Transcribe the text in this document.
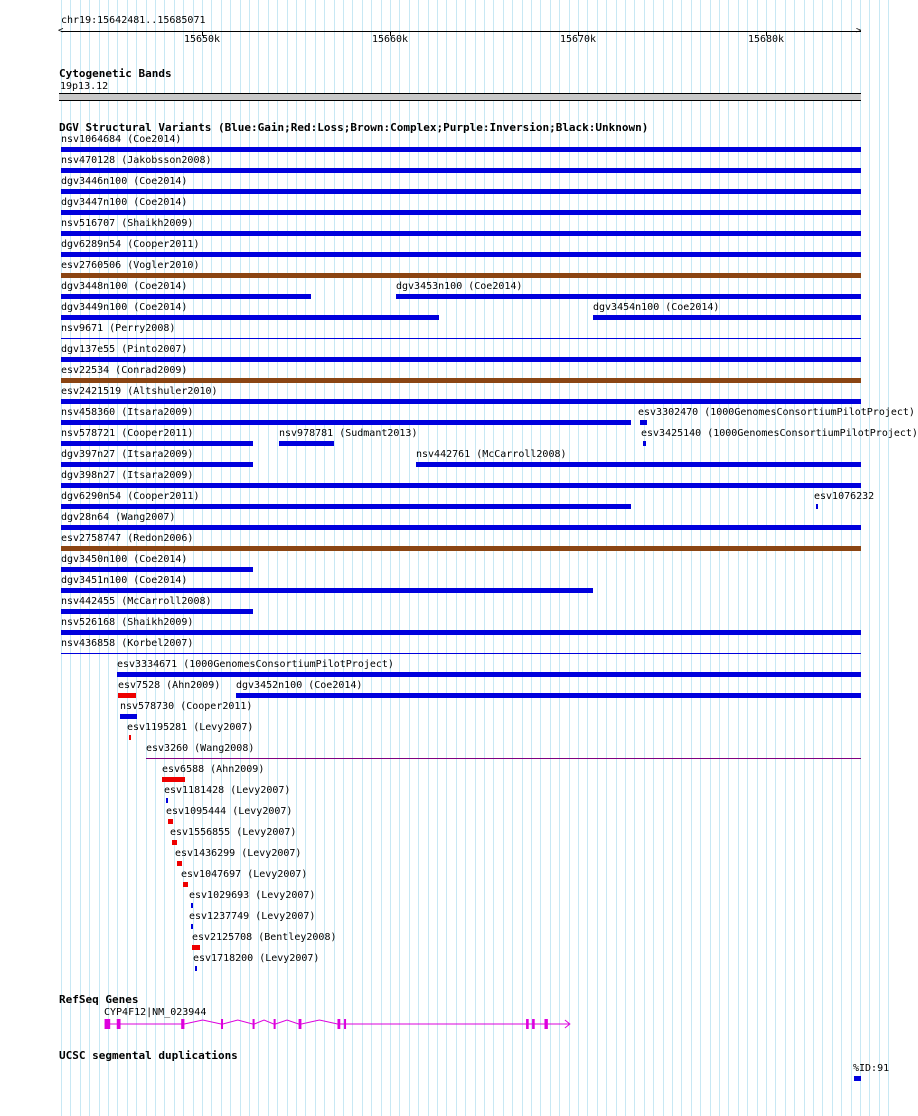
chr19:15642481..15685071
<	>
15650k	15660k	15670k	15680k
Cytogenetic Bands
19p13.12
DGV Structural Variants (Blue:Gain;Red:Loss;Brown:Complex;Purple:Inversion;Black:Unknown)
nsv1064684 (Coe2014)
nsv470128 (Jakobsson2008)
dgv3446n100 (Coe2014)
dgv3447n100 (Coe2014)
nsv516707 (Shaikh2009)
dgv6289n54 (Cooper2011)
esv2760506 (Vogler2010)
dgv3448n100 (Coe2014)	dgv3453n100 (Coe2014)
dgv3449n100 (Coe2014)	dgv3454n100 (Coe2014)
nsv9671 (Perry2008)
dgv137e55 (Pinto2007)
esv22534 (Conrad2009)
esv2421519 (Altshuler2010)
nsv458360 (Itsara2009)	esv3302470 (1000GenomesConsortiumPilotProject)
nsv578721 (Cooper2011)	nsv978781 (Sudmant2013)	esv3425140 (1000GenomesConsortiumPilotProject)
dgv397n27 (Itsara2009)	nsv442761 (McCarroll2008)
dgv398n27 (Itsara2009)
dgv6290n54 (Cooper2011)	esv1076232
dgv28n64 (Wang2007)
esv2758747 (Redon2006)
dgv3450n100 (Coe2014)
dgv3451n100 (Coe2014)
nsv442455 (McCarroll2008)
nsv526168 (Shaikh2009)
nsv436858 (Korbel2007)
esv3334671 (1000GenomesConsortiumPilotProject)
esv7528 (Ahn2009) dgv3452n100 (Coe2014)
nsv578730 (Cooper2011)
esv1195281 (Levy2007)
esv3260 (Wang2008)
esv6588 (Ahn2009)
esv1181428 (Levy2007)
esv1095444 (Levy2007)
esv1556855 (Levy2007)
esv1436299 (Levy2007)
esv1047697 (Levy2007)
esv1029693 (Levy2007)
esv1237749 (Levy2007)
esv2125708 (Bentley2008)
esv1718200 (Levy2007)
RefSeq Genes
CYP4F12|NM_023944
UCSC segmental duplications
%ID:91
